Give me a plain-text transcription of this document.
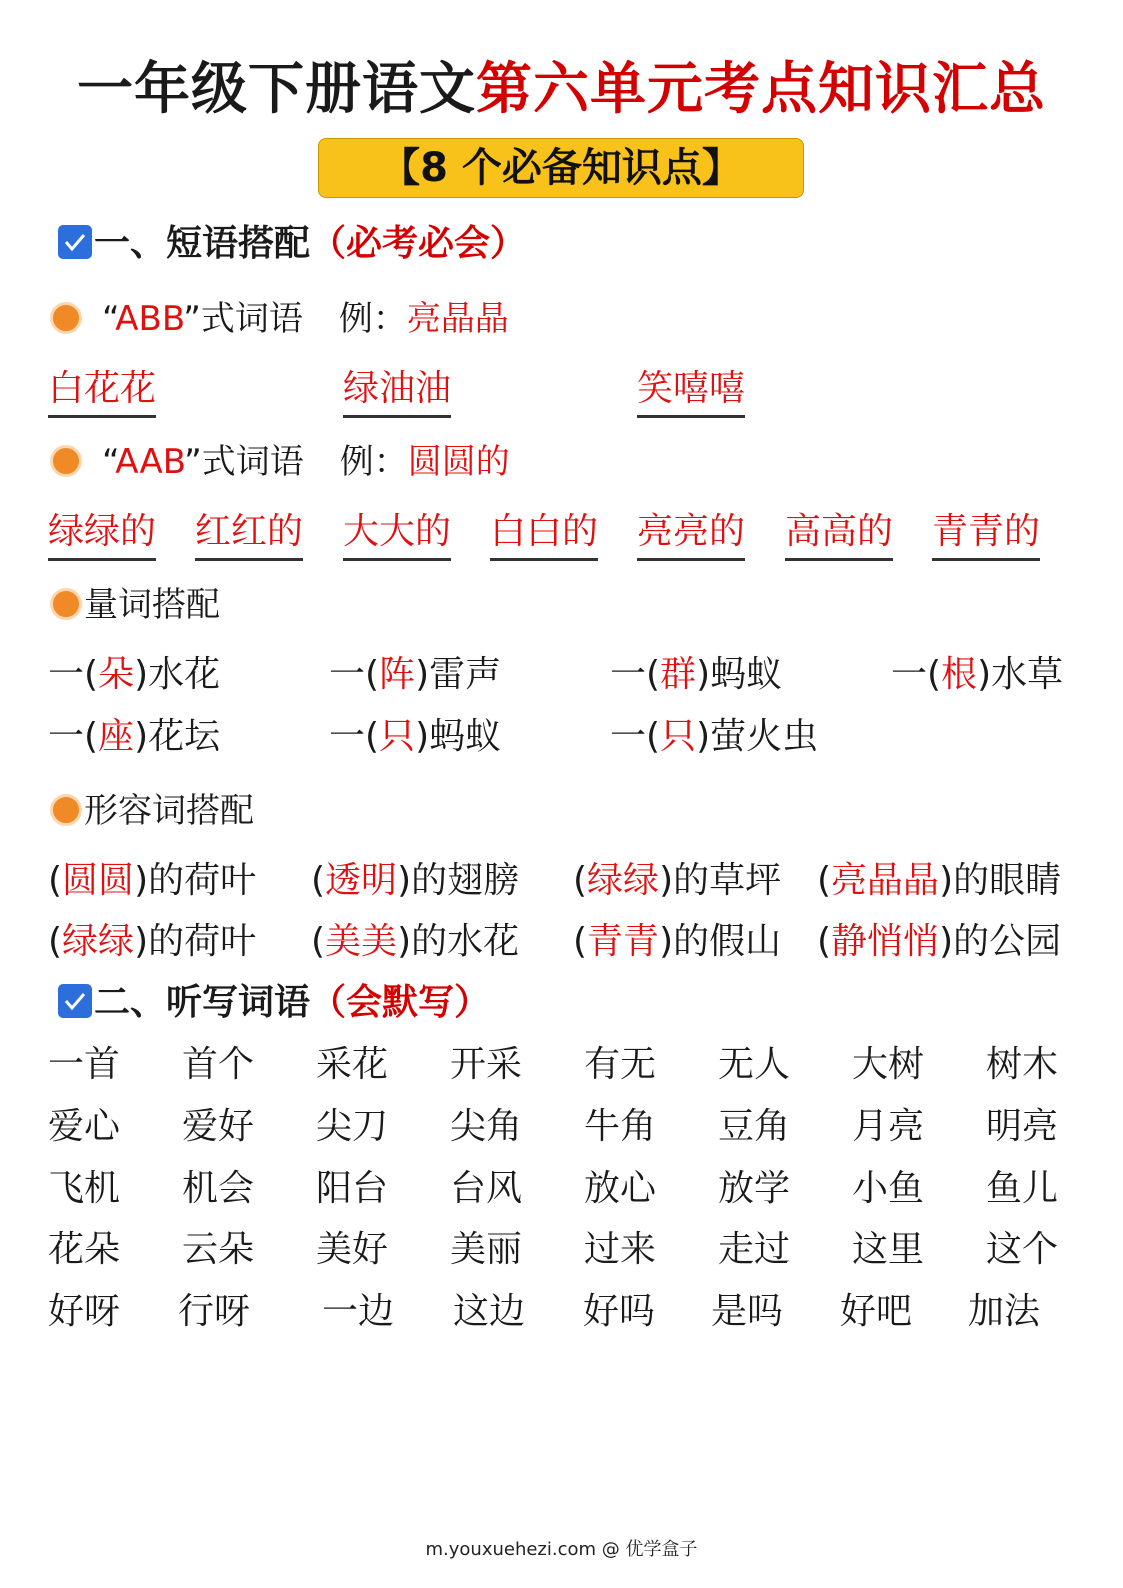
一年级下册语文第六单元考点知识汇总
【8 个必备知识点】
一、短语搭配（必考必会）
“ABB”式词语 例：亮晶晶
白花花	绿油油	笑嘻嘻
“AAB”式词语 例：圆圆的
绿绿的 红红的 大大的 白白的 亮亮的 高高的 青青的
量词搭配
一(朵)水花	一(阵)雷声	一(群)蚂蚁	一(根)水草
一(座)花坛	一(只)蚂蚁	一(只)萤火虫
形容词搭配
(圆圆)的荷叶 (透明)的翅膀 (绿绿)的草坪 (亮晶晶)的眼睛
(绿绿)的荷叶 (美美)的水花 (青青)的假山 (静悄悄)的公园
二、听写词语（会默写）
一首 首个 采花 开采 有无 无人 大树 树木
爱心 爱好 尖刀 尖角 牛角 豆角 月亮 明亮
飞机 机会 阳台 台风 放心 放学 小鱼 鱼儿
花朵 云朵 美好 美丽 过来 走过 这里 这个
好呀 行呀 一边 这边 好吗 是吗 好吧 加法
m.youxuehezi.com @ 优学盒子
